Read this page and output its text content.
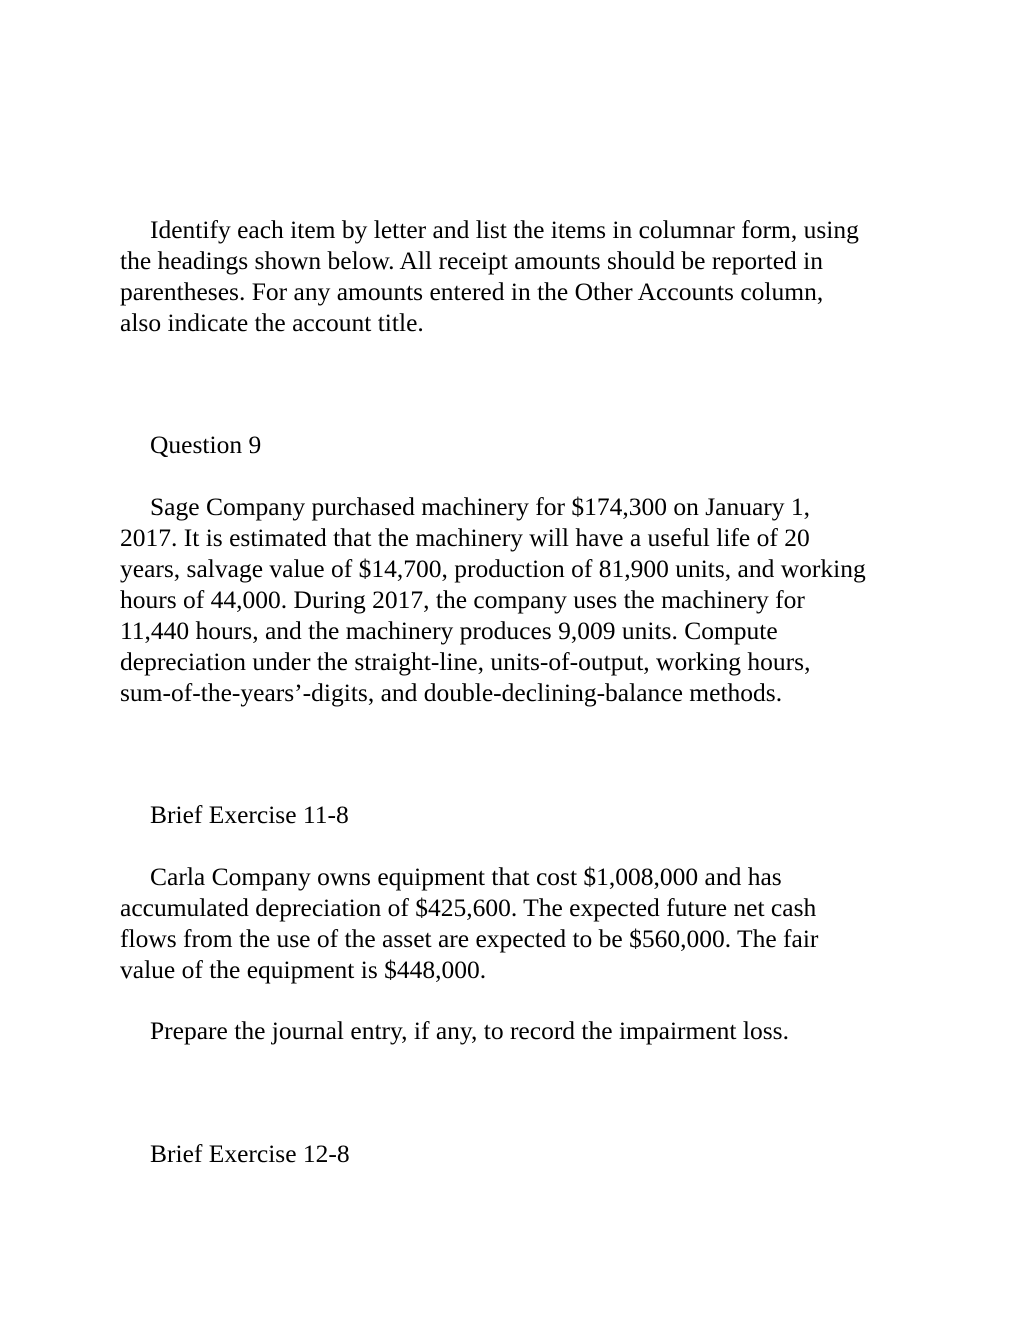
Identify each item by letter and list the items in columnar form, using
the headings shown below. All receipt amounts should be reported in
parentheses. For any amounts entered in the Other Accounts column,
also indicate the account title.
Question 9
Sage Company purchased machinery for $174,300 on January 1,
2017. It is estimated that the machinery will have a useful life of 20
years, salvage value of $14,700, production of 81,900 units, and working
hours of 44,000. During 2017, the company uses the machinery for
11,440 hours, and the machinery produces 9,009 units. Compute
depreciation under the straight-line, units-of-output, working hours,
sum-of-the-years’-digits, and double-declining-balance methods.
Brief Exercise 11-8
Carla Company owns equipment that cost $1,008,000 and has
accumulated depreciation of $425,600. The expected future net cash
flows from the use of the asset are expected to be $560,000. The fair
value of the equipment is $448,000.
Prepare the journal entry, if any, to record the impairment loss.
Brief Exercise 12-8
